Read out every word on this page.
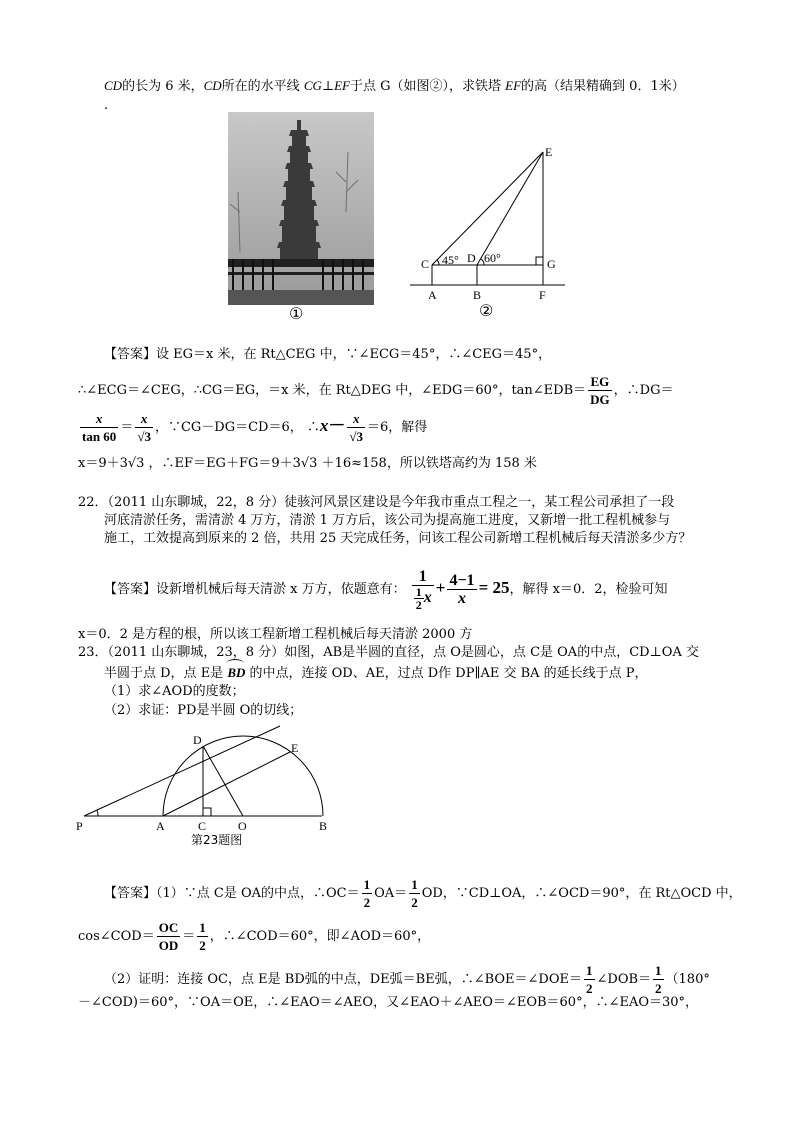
CD的长为 6 米，CD所在的水平线 CG⊥EF于点 G（如图②），求铁塔 EF的高（结果精确到 0．1米）
.
①
E
C 45° D 60°	G
A	B	F
②
【答案】设 EG＝x 米，在 Rt△CEG 中，∵∠ECG＝45°，∴∠CEG＝45°，
∴∠ECG＝∠CEG，∴CG＝EG，＝x 米，在 Rt△DEG 中，∠EDG＝60°，tan∠EDB＝ $\frac{EG}{DG}$ ，∴DG＝
$\frac{x}{\tan 60} = \frac{x}{√3}$ ，∵CG－DG＝CD＝6， ∴x－ $\frac{x}{√3} =6$，解得
x＝9＋3√3 ，∴EF＝EG＋FG＝9＋3√3 ＋16≈158，所以铁塔高约为 158 米
22．（2011 山东聊城，22，8 分）徒骇河风景区建设是今年我市重点工程之一，某工程公司承担了一段
河底清淤任务，需清淤 4 万方，清淤 1 万方后，该公司为提高施工进度，又新增一批工程机械参与
施工，工效提高到原来的 2 倍，共用 25 天完成任务，问该工程公司新增工程机械后每天清淤多少方？
【答案】设新增机械后每天清淤 x 万方，依题意有： $\frac{1}{\frac{1}{2} x} + \frac{4-1}{x} = 25$，解得 x＝0．2，检验可知
x＝0．2 是方程的根，所以该工程新增工程机械后每天清淤 2000 方
23．（2011 山东聊城，23，8 分）如图，AB是半圆的直径，点 O是圆心，点 C是 OA的中点，CD⊥OA 交
半圆于点 D，点 E是
BD 的中点，连接 OD、AE，过点 D作 DP∥AE 交 BA 的延长线于点 P，
（1）求∠AOD的度数；
（2）求证：PD是半圆 O的切线；
D
E
P	A	C	O	B
第23题图
【答案】（1）∵点 C是 OA的中点，∴OC＝ $\frac{1}{2} OA= \frac{1}{2}$ OD，∵CD⊥OA，∴∠OCD＝90°，在 Rt△OCD 中，
cos∠COD＝ $\frac{OC}{OD} = \frac{1}{2}$ ，∴∠COD＝60°，即∠AOD＝60°，
（2）证明：连接 OC，点 E是 BD弧的中点，DE弧＝BE弧，∴∠BOE＝∠DOE＝ $\frac{1}{2}$ ∠DOB＝ $\frac{1}{2} (180^\circ$
－∠COD)＝60°，∵OA＝OE，∴∠EAO＝∠AEO，又∠EAO＋∠AEO＝∠EOB＝60°，∴∠EAO＝30°，
